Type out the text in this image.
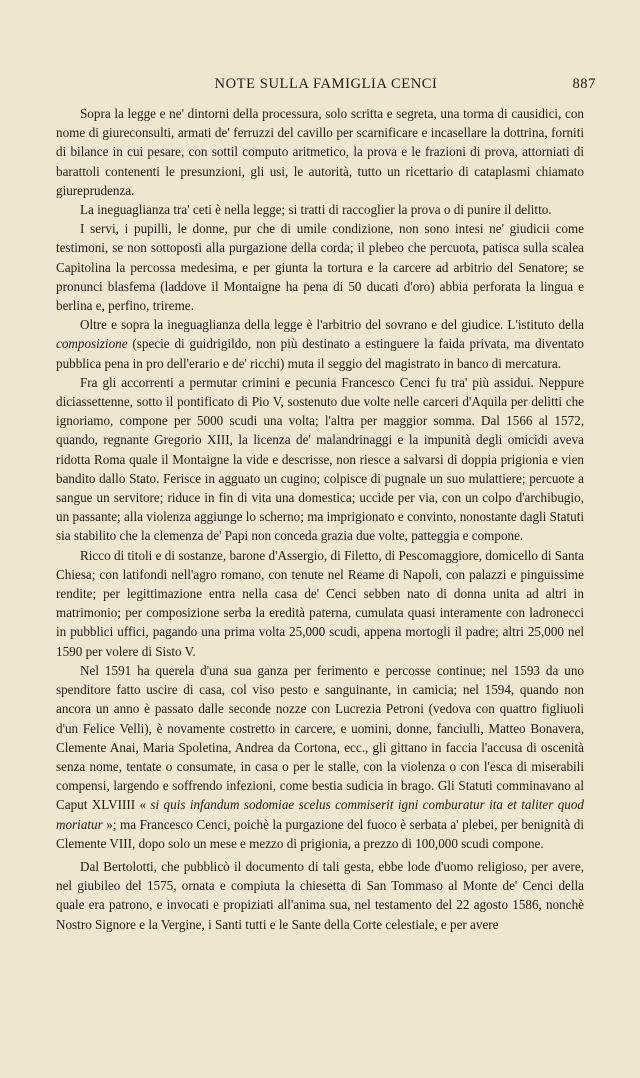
NOTE SULLA FAMIGLIA CENCI	887

Sopra la legge e ne' dintorni della processura, solo scritta e segreta, una torma di causidici, con nome di giureconsulti, armati de' ferruzzi del cavillo per scarnificare e incasellare la dottrina, forniti di bilance in cui pesare, con sottil computo aritmetico, la prova e le frazioni di prova, attorniati di barattoli contenenti le presunzioni, gli usi, le autorità, tutto un ricettario di cataplasmi chiamato giureprudenza.

La ineguaglianza tra' ceti è nella legge; si tratti di raccoglier la prova o di punire il delitto.

I servi, i pupilli, le donne, pur che di umile condizione, non sono intesi ne' giudicii come testimoni, se non sottoposti alla purgazione della corda; il plebeo che percuota, patisca sulla scalea Capitolina la percossa medesima, e per giunta la tortura e la carcere ad arbitrio del Senatore; se pronunci blasfema (laddove il Montaigne ha pena di 50 ducati d'oro) abbia perforata la lingua e berlina e, perfino, trireme.

Oltre e sopra la ineguaglianza della legge è l'arbitrio del sovrano e del giudice. L'istituto della composizione (specie di guidrigildo, non più destinato a estinguere la faida privata, ma diventato pubblica pena in pro dell'erario e de' ricchi) muta il seggio del magistrato in banco di mercatura.

Fra gli accorrenti a permutar crimini e pecunia Francesco Cenci fu tra' più assidui. Neppure diciassettenne, sotto il pontificato di Pio V, sostenuto due volte nelle carceri d'Aquila per delitti che ignoriamo, compone per 5000 scudi una volta; l'altra per maggior somma. Dal 1566 al 1572, quando, regnante Gregorio XIII, la licenza de' malandrinaggi e la impunità degli omicidi aveva ridotta Roma quale il Montaigne la vide e descrisse, non riesce a salvarsi di doppia prigionia e vien bandito dallo Stato. Ferisce in agguato un cugino; colpisce di pugnale un suo mulattiere; percuote a sangue un servitore; riduce in fin di vita una domestica; uccide per via, con un colpo d'archibugio, un passante; alla violenza aggiunge lo scherno; ma imprigionato e convinto, nonostante dagli Statuti sia stabilito che la clemenza de' Papi non conceda grazia due volte, patteggia e compone.

Ricco di titoli e di sostanze, barone d'Assergio, di Filetto, di Pescomaggiore, domicello di Santa Chiesa; con latifondi nell'agro romano, con tenute nel Reame di Napoli, con palazzi e pinguissime rendite; per legittimazione entra nella casa de' Cenci sebben nato di donna unita ad altri in matrimonio; per composizione serba la eredità paterna, cumulata quasi interamente con ladronecci in pubblici uffici, pagando una prima volta 25,000 scudi, appena mortogli il padre; altri 25,000 nel 1590 per volere di Sisto V.

Nel 1591 ha querela d'una sua ganza per ferimento e percosse continue; nel 1593 da uno spenditore fatto uscire di casa, col viso pesto e sanguinante, in camicia; nel 1594, quando non ancora un anno è passato dalle seconde nozze con Lucrezia Petroni (vedova con quattro figliuoli d'un Felice Velli), è novamente costretto in carcere, e uomini, donne, fanciulli, Matteo Bonavera, Clemente Anai, Maria Spoletina, Andrea da Cortona, ecc., gli gittano in faccia l'accusa di oscenità senza nome, tentate o consumate, in casa o per le stalle, con la violenza o con l'esca di miserabili compensi, largendo e soffrendo infezioni, come bestia sudicia in brago. Gli Statuti comminavano al Caput XLVIIII « si quis infandum sodomiae scelus commiserit igni comburatur ita et taliter quod moriatur »; ma Francesco Cenci, poichè la purgazione del fuoco è serbata a' plebei, per benignità di Clemente VIII, dopo solo un mese e mezzo di prigionia, a prezzo di 100,000 scudi compone.

Dal Bertolotti, che pubblicò il documento di tali gesta, ebbe lode d'uomo religioso, per avere, nel giubileo del 1575, ornata e compiuta la chiesetta di San Tommaso al Monte de' Cenci della quale era patrono, e invocati e propiziati all'anima sua, nel testamento del 22 agosto 1586, nonchè Nostro Signore e la Vergine, i Santi tutti e le Sante della Corte celestiale, e per avere
